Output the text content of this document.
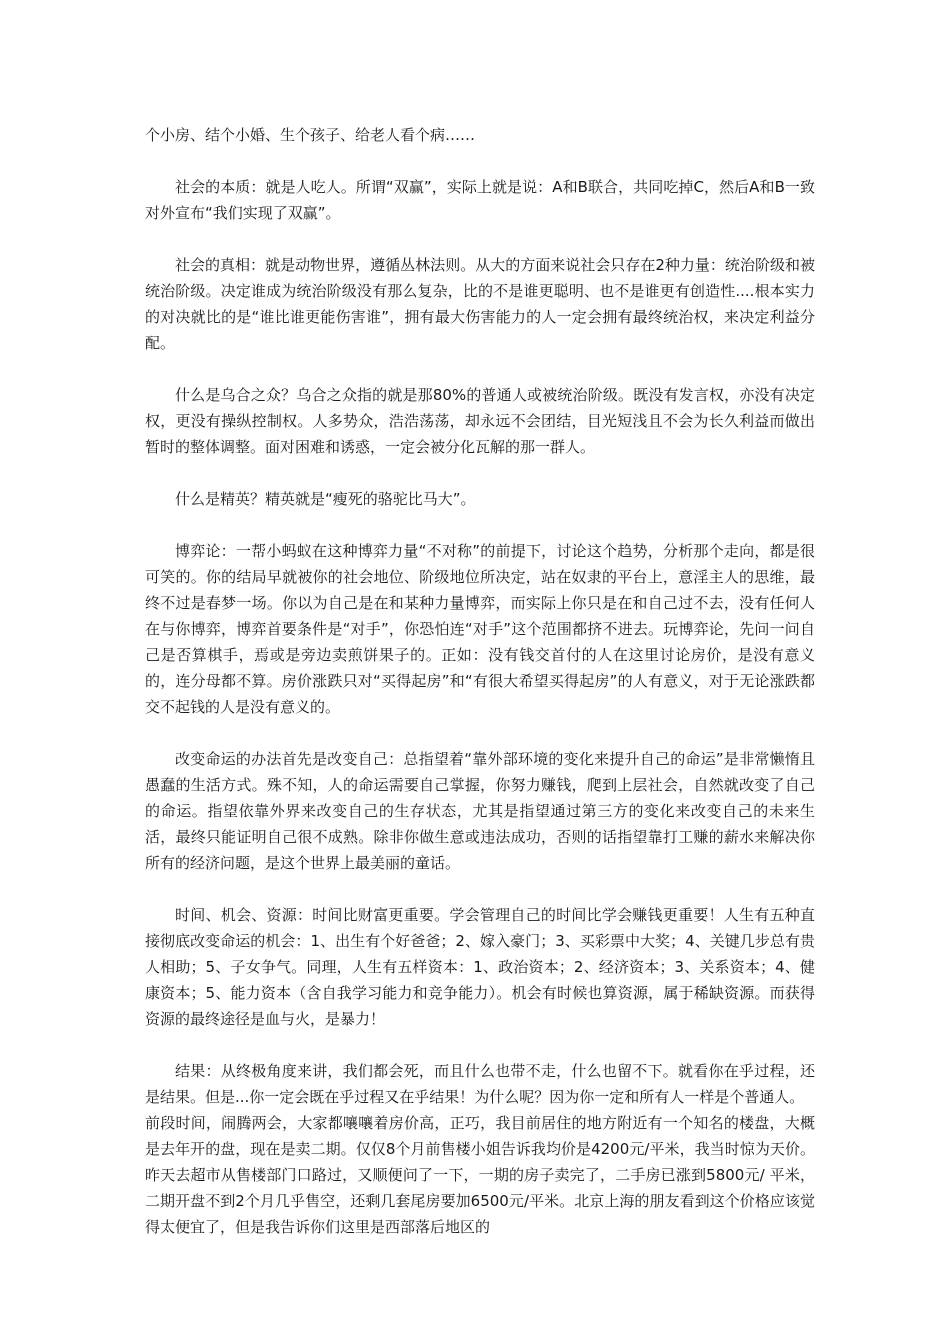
个小房、结个小婚、生个孩子、给老人看个病……

社会的本质：就是人吃人。所谓“双赢”，实际上就是说：A和B联合，共同吃掉C，然后A和B一致对外宣布“我们实现了双赢”。

社会的真相：就是动物世界，遵循丛林法则。从大的方面来说社会只存在2种力量：统治阶级和被统治阶级。决定谁成为统治阶级没有那么复杂，比的不是谁更聪明、也不是谁更有创造性....根本实力的对决就比的是“谁比谁更能伤害谁”，拥有最大伤害能力的人一定会拥有最终统治权，来决定利益分配。

什么是乌合之众？乌合之众指的就是那80%的普通人或被统治阶级。既没有发言权，亦没有决定权，更没有操纵控制权。人多势众，浩浩荡荡，却永远不会团结，目光短浅且不会为长久利益而做出暂时的整体调整。面对困难和诱惑，一定会被分化瓦解的那一群人。

什么是精英？精英就是“瘦死的骆驼比马大”。

博弈论：一帮小蚂蚁在这种博弈力量“不对称”的前提下，讨论这个趋势，分析那个走向，都是很可笑的。你的结局早就被你的社会地位、阶级地位所决定，站在奴隶的平台上，意淫主人的思维，最终不过是春梦一场。你以为自己是在和某种力量博弈，而实际上你只是在和自己过不去，没有任何人在与你博弈，博弈首要条件是“对手”，你恐怕连“对手”这个范围都挤不进去。玩博弈论，先问一问自己是否算棋手，焉或是旁边卖煎饼果子的。正如：没有钱交首付的人在这里讨论房价，是没有意义的，连分母都不算。房价涨跌只对“买得起房”和“有很大希望买得起房”的人有意义，对于无论涨跌都交不起钱的人是没有意义的。

改变命运的办法首先是改变自己：总指望着“靠外部环境的变化来提升自己的命运”是非常懒惰且愚蠢的生活方式。殊不知，人的命运需要自己掌握，你努力赚钱，爬到上层社会，自然就改变了自己的命运。指望依靠外界来改变自己的生存状态，尤其是指望通过第三方的变化来改变自己的未来生活，最终只能证明自己很不成熟。除非你做生意或违法成功，否则的话指望靠打工赚的薪水来解决你所有的经济问题，是这个世界上最美丽的童话。

时间、机会、资源：时间比财富更重要。学会管理自己的时间比学会赚钱更重要！人生有五种直接彻底改变命运的机会：1、出生有个好爸爸；2、嫁入豪门；3、买彩票中大奖；4、关键几步总有贵人相助；5、子女争气。同理，人生有五样资本：1、政治资本；2、经济资本；3、关系资本；4、健康资本；5、能力资本（含自我学习能力和竞争能力）。机会有时候也算资源，属于稀缺资源。而获得资源的最终途径是血与火，是暴力！

结果：从终极角度来讲，我们都会死，而且什么也带不走，什么也留不下。就看你在乎过程，还是结果。但是...你一定会既在乎过程又在乎结果！为什么呢？因为你一定和所有人一样是个普通人。

前段时间，闹腾两会，大家都嚷嚷着房价高，正巧，我目前居住的地方附近有一个知名的楼盘，大概是去年开的盘，现在是卖二期。仅仅8个月前售楼小姐告诉我均价是4200元/平米，我当时惊为天价。昨天去超市从售楼部门口路过，又顺便问了一下，一期的房子卖完了，二手房已涨到5800元/ 平米，二期开盘不到2个月几乎售空，还剩几套尾房要加6500元/平米。北京上海的朋友看到这个价格应该觉得太便宜了，但是我告诉你们这里是西部落后地区的
